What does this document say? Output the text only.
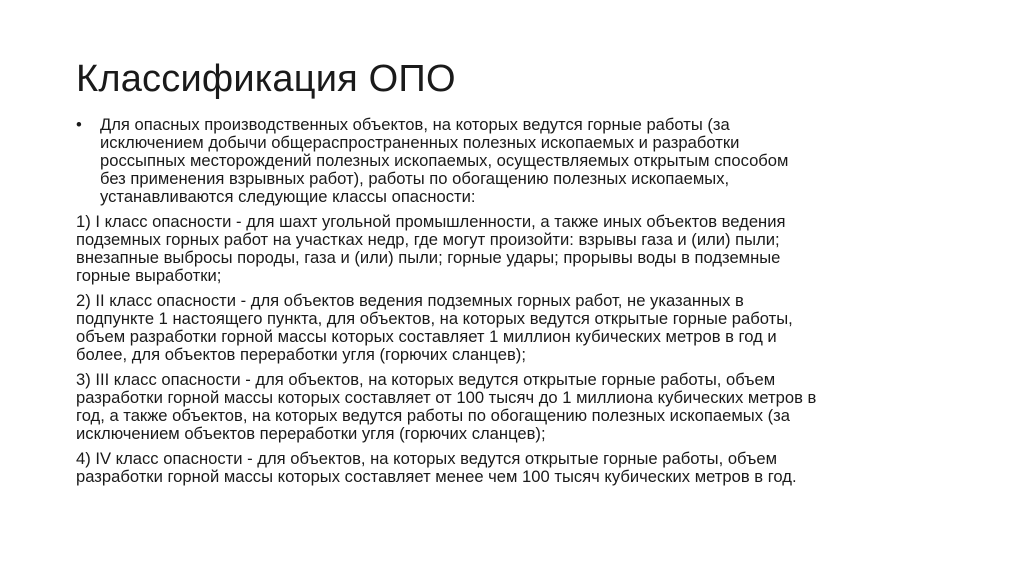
Классификация ОПО
• Для опасных производственных объектов, на которых ведутся горные работы (за
исключением добычи общераспространенных полезных ископаемых и разработки
россыпных месторождений полезных ископаемых, осуществляемых открытым способом
без применения взрывных работ), работы по обогащению полезных ископаемых,
устанавливаются следующие классы опасности:
1) I класс опасности - для шахт угольной промышленности, а также иных объектов ведения
подземных горных работ на участках недр, где могут произойти: взрывы газа и (или) пыли;
внезапные выбросы породы, газа и (или) пыли; горные удары; прорывы воды в подземные
горные выработки;
2) II класс опасности - для объектов ведения подземных горных работ, не указанных в
подпункте 1 настоящего пункта, для объектов, на которых ведутся открытые горные работы,
объем разработки горной массы которых составляет 1 миллион кубических метров в год и
более, для объектов переработки угля (горючих сланцев);
3) III класс опасности - для объектов, на которых ведутся открытые горные работы, объем
разработки горной массы которых составляет от 100 тысяч до 1 миллиона кубических метров в
год, а также объектов, на которых ведутся работы по обогащению полезных ископаемых (за
исключением объектов переработки угля (горючих сланцев);
4) IV класс опасности - для объектов, на которых ведутся открытые горные работы, объем
разработки горной массы которых составляет менее чем 100 тысяч кубических метров в год.
